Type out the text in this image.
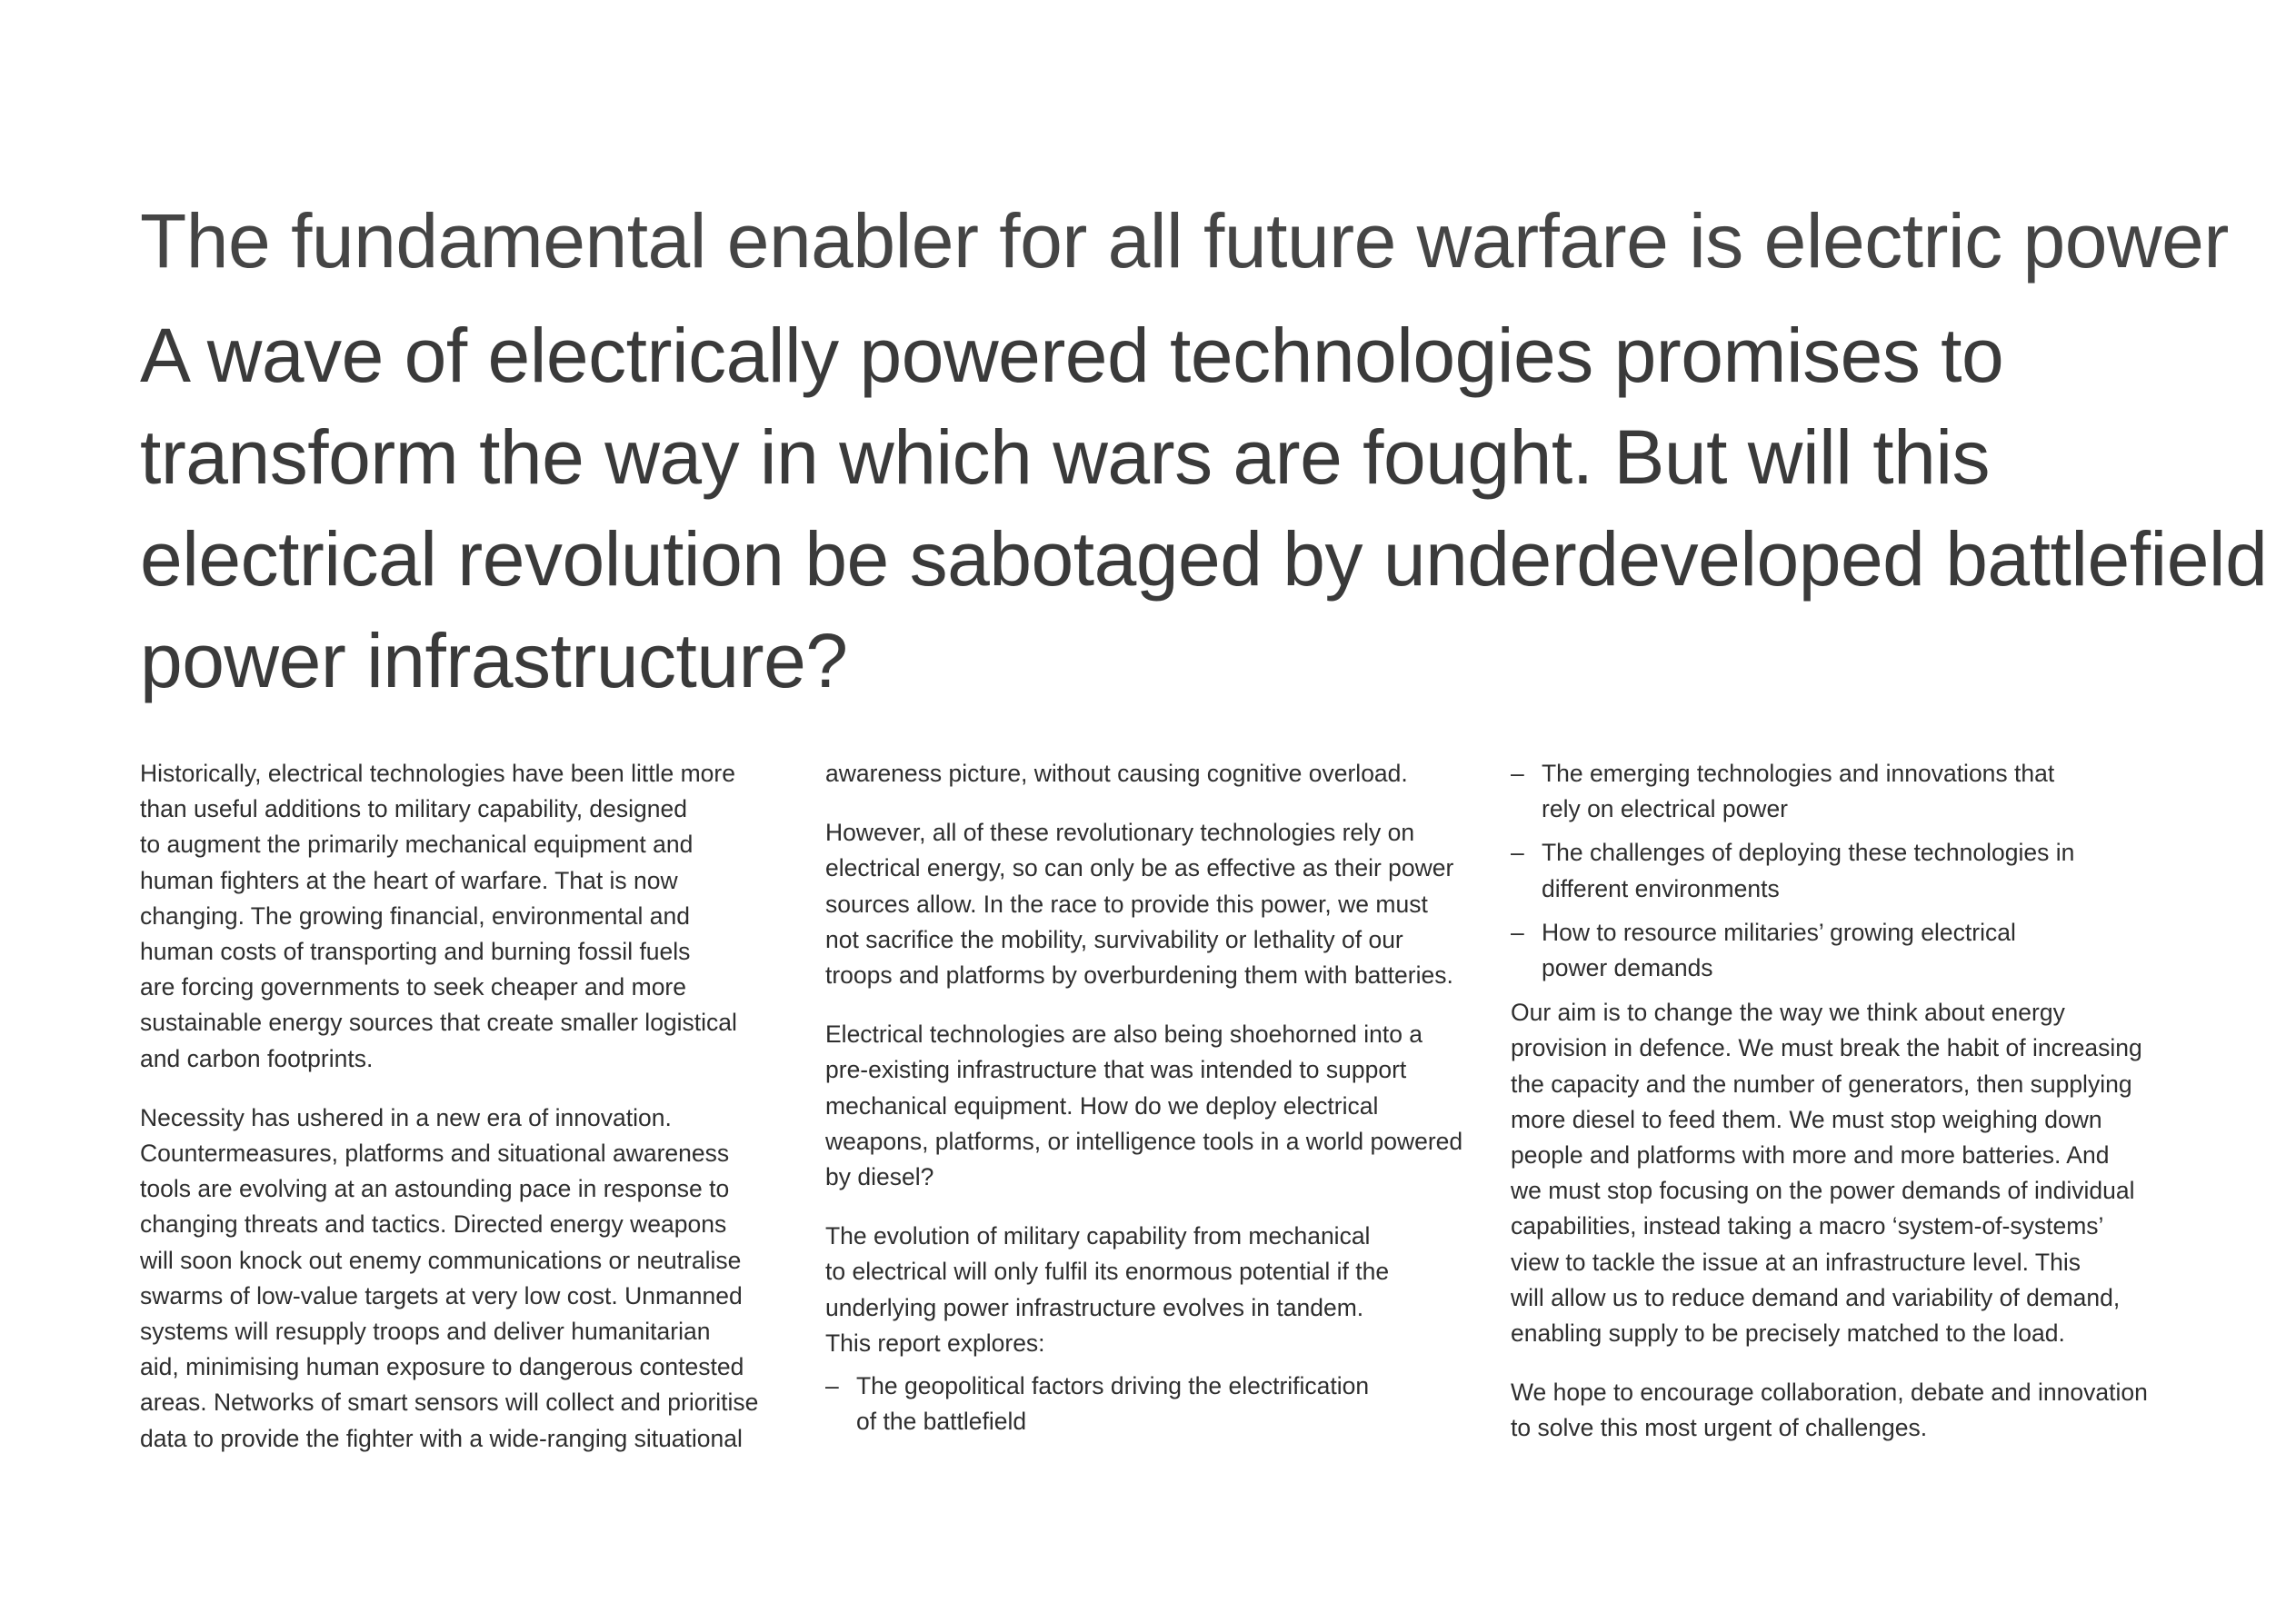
The fundamental enabler for all future warfare is electric power
A wave of electrically powered technologies promises to
transform the way in which wars are fought. But will this
electrical revolution be sabotaged by underdeveloped battlefield
power infrastructure?

Historically, electrical technologies have been little more
than useful additions to military capability, designed
to augment the primarily mechanical equipment and
human fighters at the heart of warfare. That is now
changing. The growing financial, environmental and
human costs of transporting and burning fossil fuels
are forcing governments to seek cheaper and more
sustainable energy sources that create smaller logistical
and carbon footprints.

Necessity has ushered in a new era of innovation.
Countermeasures, platforms and situational awareness
tools are evolving at an astounding pace in response to
changing threats and tactics. Directed energy weapons
will soon knock out enemy communications or neutralise
swarms of low-value targets at very low cost. Unmanned
systems will resupply troops and deliver humanitarian
aid, minimising human exposure to dangerous contested
areas. Networks of smart sensors will collect and prioritise
data to provide the fighter with a wide-ranging situational

awareness picture, without causing cognitive overload.

However, all of these revolutionary technologies rely on
electrical energy, so can only be as effective as their power
sources allow. In the race to provide this power, we must
not sacrifice the mobility, survivability or lethality of our
troops and platforms by overburdening them with batteries.

Electrical technologies are also being shoehorned into a
pre-existing infrastructure that was intended to support
mechanical equipment. How do we deploy electrical
weapons, platforms, or intelligence tools in a world powered
by diesel?

The evolution of military capability from mechanical
to electrical will only fulfil its enormous potential if the
underlying power infrastructure evolves in tandem.
This report explores:

– The geopolitical factors driving the electrification
of the battlefield
– The emerging technologies and innovations that
rely on electrical power
– The challenges of deploying these technologies in
different environments
– How to resource militaries’ growing electrical
power demands

Our aim is to change the way we think about energy
provision in defence. We must break the habit of increasing
the capacity and the number of generators, then supplying
more diesel to feed them. We must stop weighing down
people and platforms with more and more batteries. And
we must stop focusing on the power demands of individual
capabilities, instead taking a macro ‘system-of-systems’
view to tackle the issue at an infrastructure level. This
will allow us to reduce demand and variability of demand,
enabling supply to be precisely matched to the load.

We hope to encourage collaboration, debate and innovation
to solve this most urgent of challenges.
